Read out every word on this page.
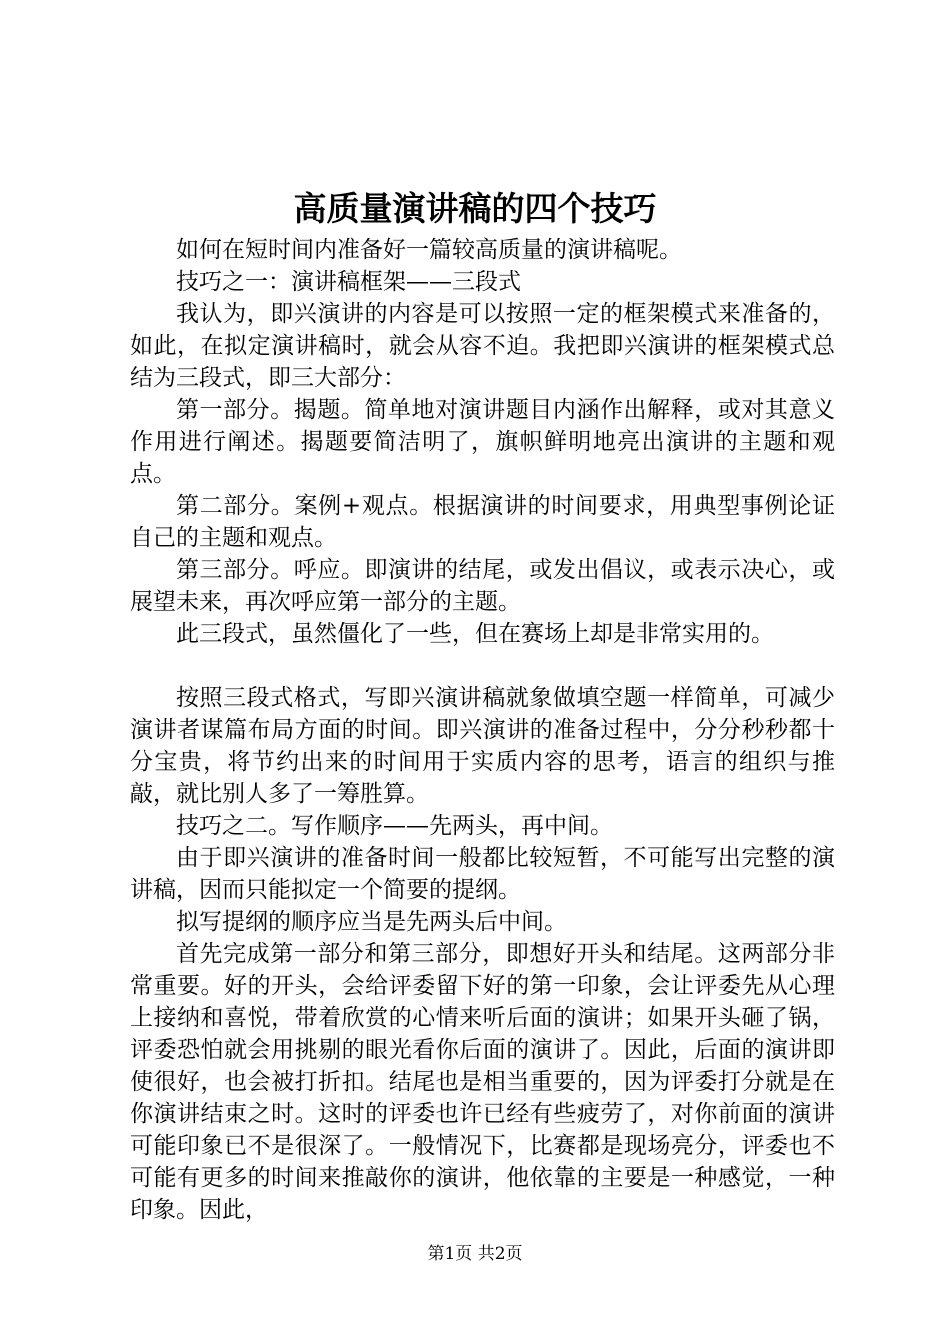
高质量演讲稿的四个技巧

如何在短时间内准备好一篇较高质量的演讲稿呢。

技巧之一：演讲稿框架——三段式

我认为，即兴演讲的内容是可以按照一定的框架模式来准备的，如此，在拟定演讲稿时，就会从容不迫。我把即兴演讲的框架模式总结为三段式，即三大部分：

第一部分。揭题。简单地对演讲题目内涵作出解释，或对其意义作用进行阐述。揭题要简洁明了，旗帜鲜明地亮出演讲的主题和观点。

第二部分。案例+观点。根据演讲的时间要求，用典型事例论证自己的主题和观点。

第三部分。呼应。即演讲的结尾，或发出倡议，或表示决心，或展望未来，再次呼应第一部分的主题。

此三段式，虽然僵化了一些，但在赛场上却是非常实用的。

按照三段式格式，写即兴演讲稿就象做填空题一样简单，可减少演讲者谋篇布局方面的时间。即兴演讲的准备过程中，分分秒秒都十分宝贵，将节约出来的时间用于实质内容的思考，语言的组织与推敲，就比别人多了一筹胜算。

技巧之二。写作顺序——先两头，再中间。

由于即兴演讲的准备时间一般都比较短暂，不可能写出完整的演讲稿，因而只能拟定一个简要的提纲。

拟写提纲的顺序应当是先两头后中间。

首先完成第一部分和第三部分，即想好开头和结尾。这两部分非常重要。好的开头，会给评委留下好的第一印象，会让评委先从心理上接纳和喜悦，带着欣赏的心情来听后面的演讲；如果开头砸了锅，评委恐怕就会用挑剔的眼光看你后面的演讲了。因此，后面的演讲即使很好，也会被打折扣。结尾也是相当重要的，因为评委打分就是在你演讲结束之时。这时的评委也许已经有些疲劳了，对你前面的演讲可能印象已不是很深了。一般情况下，比赛都是现场亮分，评委也不可能有更多的时间来推敲你的演讲，他依靠的主要是一种感觉，一种印象。因此，

第1页 共2页
